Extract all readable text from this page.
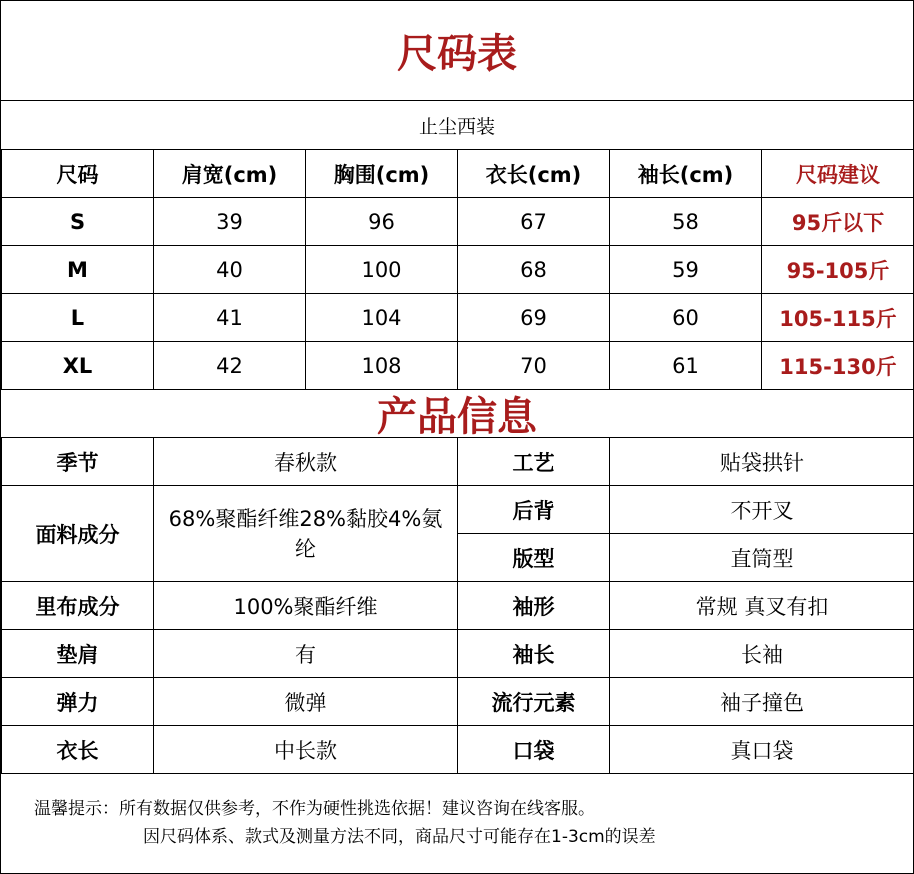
尺码表
止尘西装
尺码	肩宽(cm)	胸围(cm)	衣长(cm)	袖长(cm)	尺码建议
S	39	96	67	58	95斤以下
M	40	100	68	59	95-105斤
L	41	104	69	60	105-115斤
XL	42	108	70	61	115-130斤
产品信息
季节	春秋款	工艺	贴袋拱针
面料成分	68%聚酯纤维28%黏胶4%氨纶	后背	不开叉
		版型	直筒型
里布成分	100%聚酯纤维	袖形	常规 真叉有扣
垫肩	有	袖长	长袖
弹力	微弹	流行元素	袖子撞色
衣长	中长款	口袋	真口袋
温馨提示：所有数据仅供参考，不作为硬性挑选依据！建议咨询在线客服。
因尺码体系、款式及测量方法不同，商品尺寸可能存在1-3cm的误差
